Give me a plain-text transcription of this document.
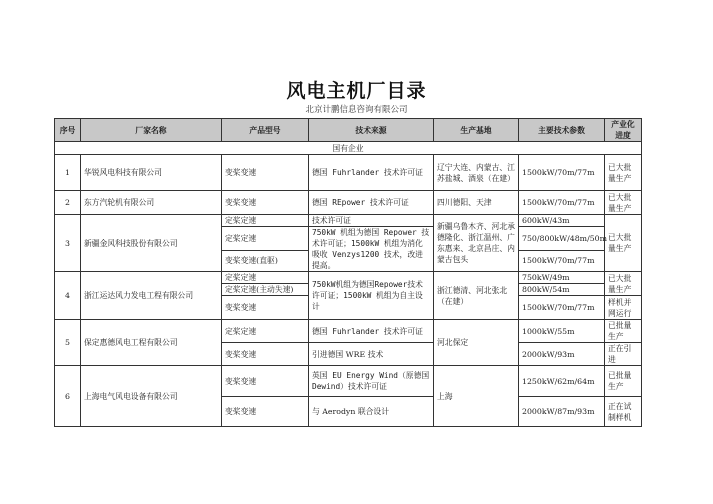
风电主机厂目录
北京计鹏信息咨询有限公司
序号	厂家名称	产品型号	技术来源	生产基地	主要技术参数	产业化进度
国有企业						
1	华锐风电科技有限公司	变桨变速	德国 Fuhrlander 技术许可证	辽宁大连、内蒙古、江苏盐城、酒泉（在建）	1500kW/70m/77m	已大批量生产
2	东方汽轮机有限公司	变桨变速	德国 REpower 技术许可证	四川德阳、天津	1500kW/70m/77m	已大批量生产
3	新疆金风科技股份有限公司	定桨定速	技术许可证	新疆乌鲁木齐、河北承德隆化、浙江温州、广东惠来、北京昌庄、内蒙古包头	600kW/43m	已大批量生产
		定桨定速	750kW 机组为德国 Repower 技术许可证；1500kW 机组为消化吸收 Venzys1200 技术，改进提高。		750/800kW/48m/50m	
		变桨变速(直驱)			1500kW/70m/77m	
4	浙江运达风力发电工程有限公司	定桨定速	750kW机组为德国Repower技术许可证；1500kW 机组为自主设计	浙江德清、河北张北（在建）	750kW/49m	已大批量生产
		定桨定速(主动失速)			800kW/54m	
		变桨变速			1500kW/70m/77m	样机并网运行
5	保定惠德风电工程有限公司	定桨定速	德国 Fuhrlander 技术许可证	河北保定	1000kW/55m	已批量生产
		变桨变速	引进德国 WRE 技术		2000kW/93m	正在引进
6	上海电气风电设备有限公司	变桨变速	英国 EU Energy Wind（原德国 Dewind）技术许可证	上海	1250kW/62m/64m	已批量生产
		变桨变速	与 Aerodyn 联合设计		2000kW/87m/93m	正在试制样机
